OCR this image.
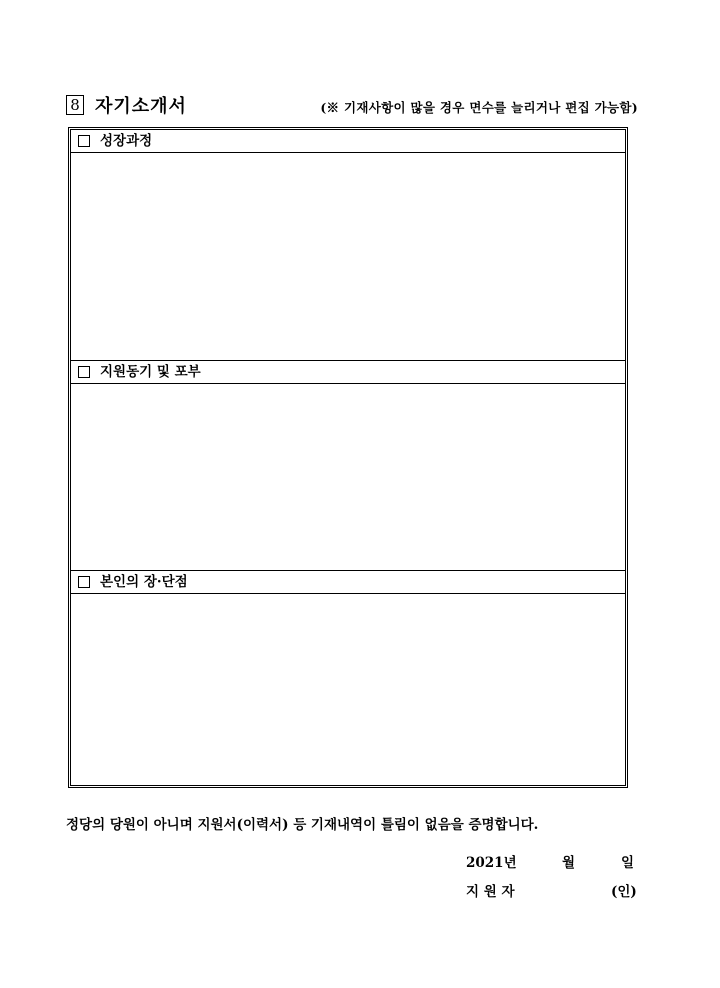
8 자기소개서	(※ 기재사항이 많을 경우 면수를 늘리거나 편집 가능함)
성장과정
지원동기 및 포부
본인의 장·단점
정당의 당원이 아니며 지원서(이력서) 등 기재내역이 틀림이 없음을 증명합니다.
2021년	월	일
지 원 자	(인)
